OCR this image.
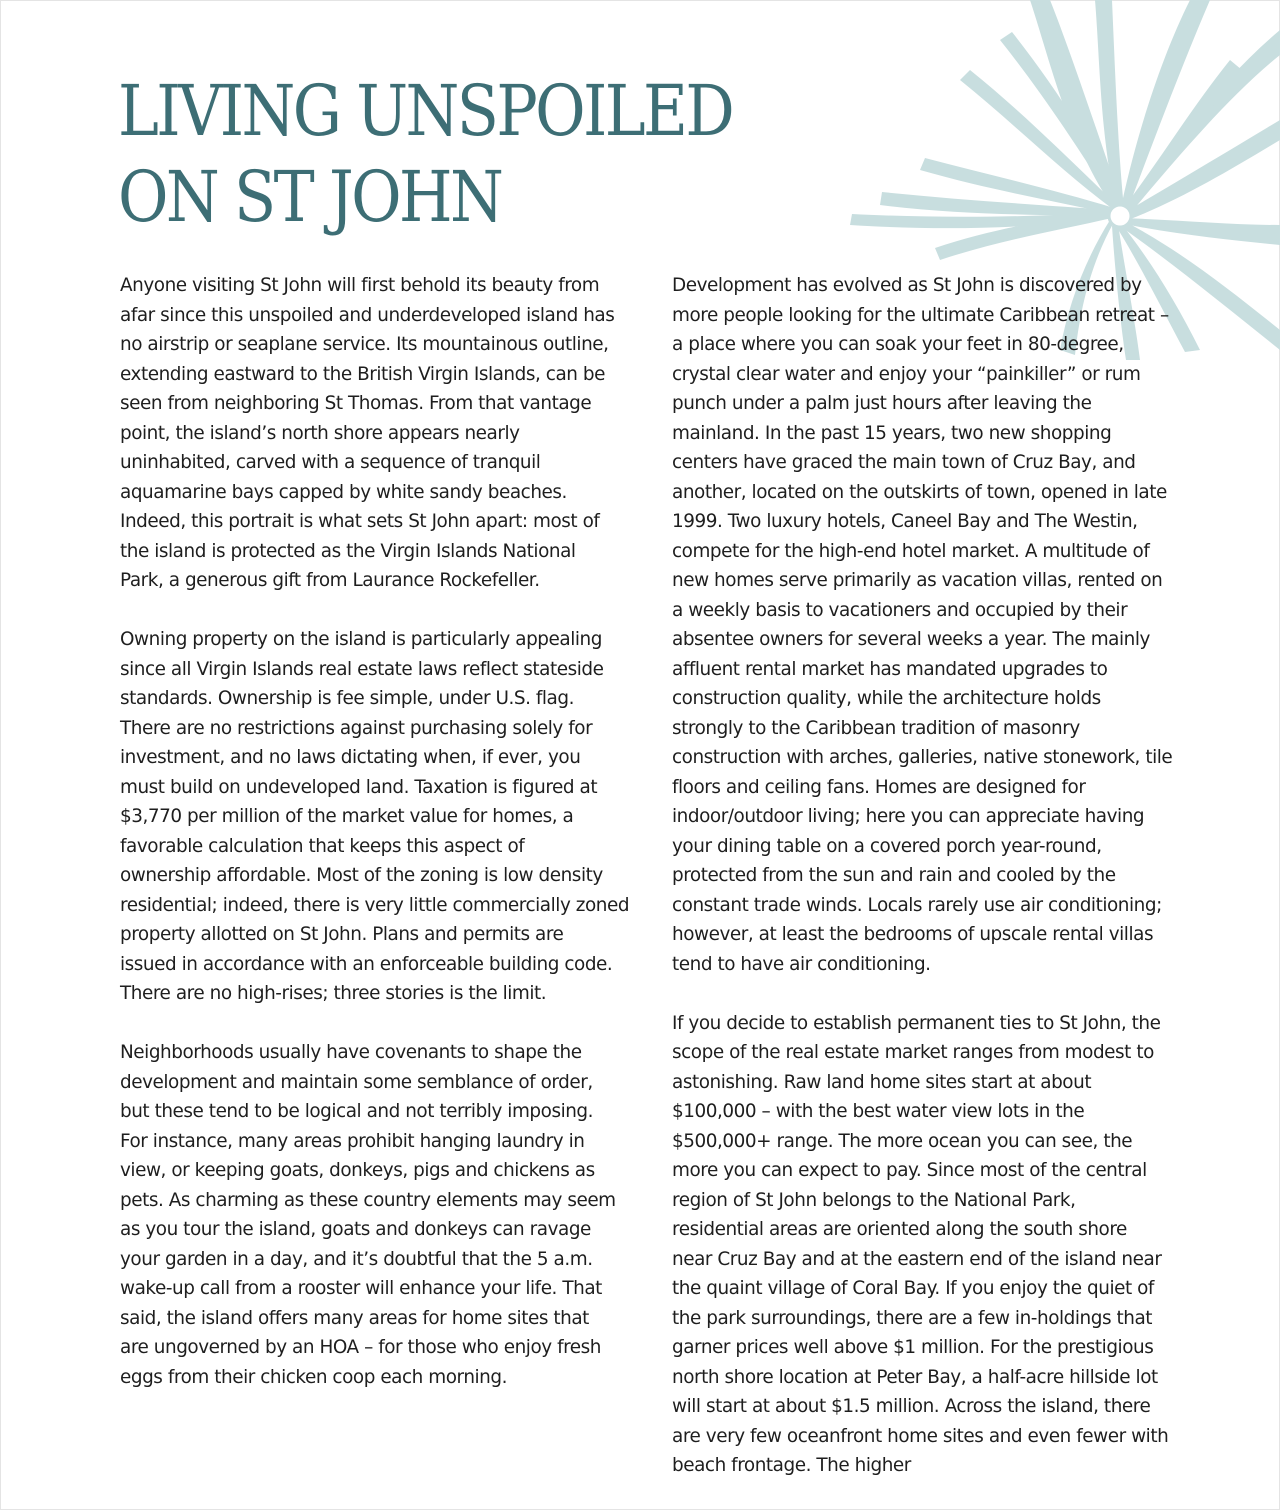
LIVING UNSPOILED
ON ST JOHN

Anyone visiting St John will first behold its beauty from
afar since this unspoiled and underdeveloped island has
no airstrip or seaplane service. Its mountainous outline,
extending eastward to the British Virgin Islands, can be
seen from neighboring St Thomas. From that vantage
point, the island’s north shore appears nearly
uninhabited, carved with a sequence of tranquil
aquamarine bays capped by white sandy beaches.
Indeed, this portrait is what sets St John apart: most of
the island is protected as the Virgin Islands National
Park, a generous gift from Laurance Rockefeller.

Owning property on the island is particularly appealing
since all Virgin Islands real estate laws reflect stateside
standards. Ownership is fee simple, under U.S. flag.
There are no restrictions against purchasing solely for
investment, and no laws dictating when, if ever, you
must build on undeveloped land. Taxation is figured at
$3,770 per million of the market value for homes, a
favorable calculation that keeps this aspect of
ownership affordable. Most of the zoning is low density
residential; indeed, there is very little commercially zoned
property allotted on St John. Plans and permits are
issued in accordance with an enforceable building code.
There are no high-rises; three stories is the limit.

Neighborhoods usually have covenants to shape the
development and maintain some semblance of order,
but these tend to be logical and not terribly imposing.
For instance, many areas prohibit hanging laundry in
view, or keeping goats, donkeys, pigs and chickens as
pets. As charming as these country elements may seem
as you tour the island, goats and donkeys can ravage
your garden in a day, and it’s doubtful that the 5 a.m.
wake-up call from a rooster will enhance your life. That
said, the island offers many areas for home sites that
are ungoverned by an HOA – for those who enjoy fresh
eggs from their chicken coop each morning.

Development has evolved as St John is discovered by
more people looking for the ultimate Caribbean retreat –
a place where you can soak your feet in 80-degree,
crystal clear water and enjoy your “painkiller” or rum
punch under a palm just hours after leaving the
mainland. In the past 15 years, two new shopping
centers have graced the main town of Cruz Bay, and
another, located on the outskirts of town, opened in late
1999. Two luxury hotels, Caneel Bay and The Westin,
compete for the high-end hotel market. A multitude of
new homes serve primarily as vacation villas, rented on
a weekly basis to vacationers and occupied by their
absentee owners for several weeks a year. The mainly
affluent rental market has mandated upgrades to
construction quality, while the architecture holds
strongly to the Caribbean tradition of masonry
construction with arches, galleries, native stonework, tile
floors and ceiling fans. Homes are designed for
indoor/outdoor living; here you can appreciate having
your dining table on a covered porch year-round,
protected from the sun and rain and cooled by the
constant trade winds. Locals rarely use air conditioning;
however, at least the bedrooms of upscale rental villas
tend to have air conditioning.

If you decide to establish permanent ties to St John, the
scope of the real estate market ranges from modest to
astonishing. Raw land home sites start at about
$100,000 – with the best water view lots in the
$500,000+ range. The more ocean you can see, the
more you can expect to pay. Since most of the central
region of St John belongs to the National Park,
residential areas are oriented along the south shore
near Cruz Bay and at the eastern end of the island near
the quaint village of Coral Bay. If you enjoy the quiet of
the park surroundings, there are a few in-holdings that
garner prices well above $1 million. For the prestigious
north shore location at Peter Bay, a half-acre hillside lot
will start at about $1.5 million. Across the island, there
are very few oceanfront home sites and even fewer with
beach frontage. The higher
